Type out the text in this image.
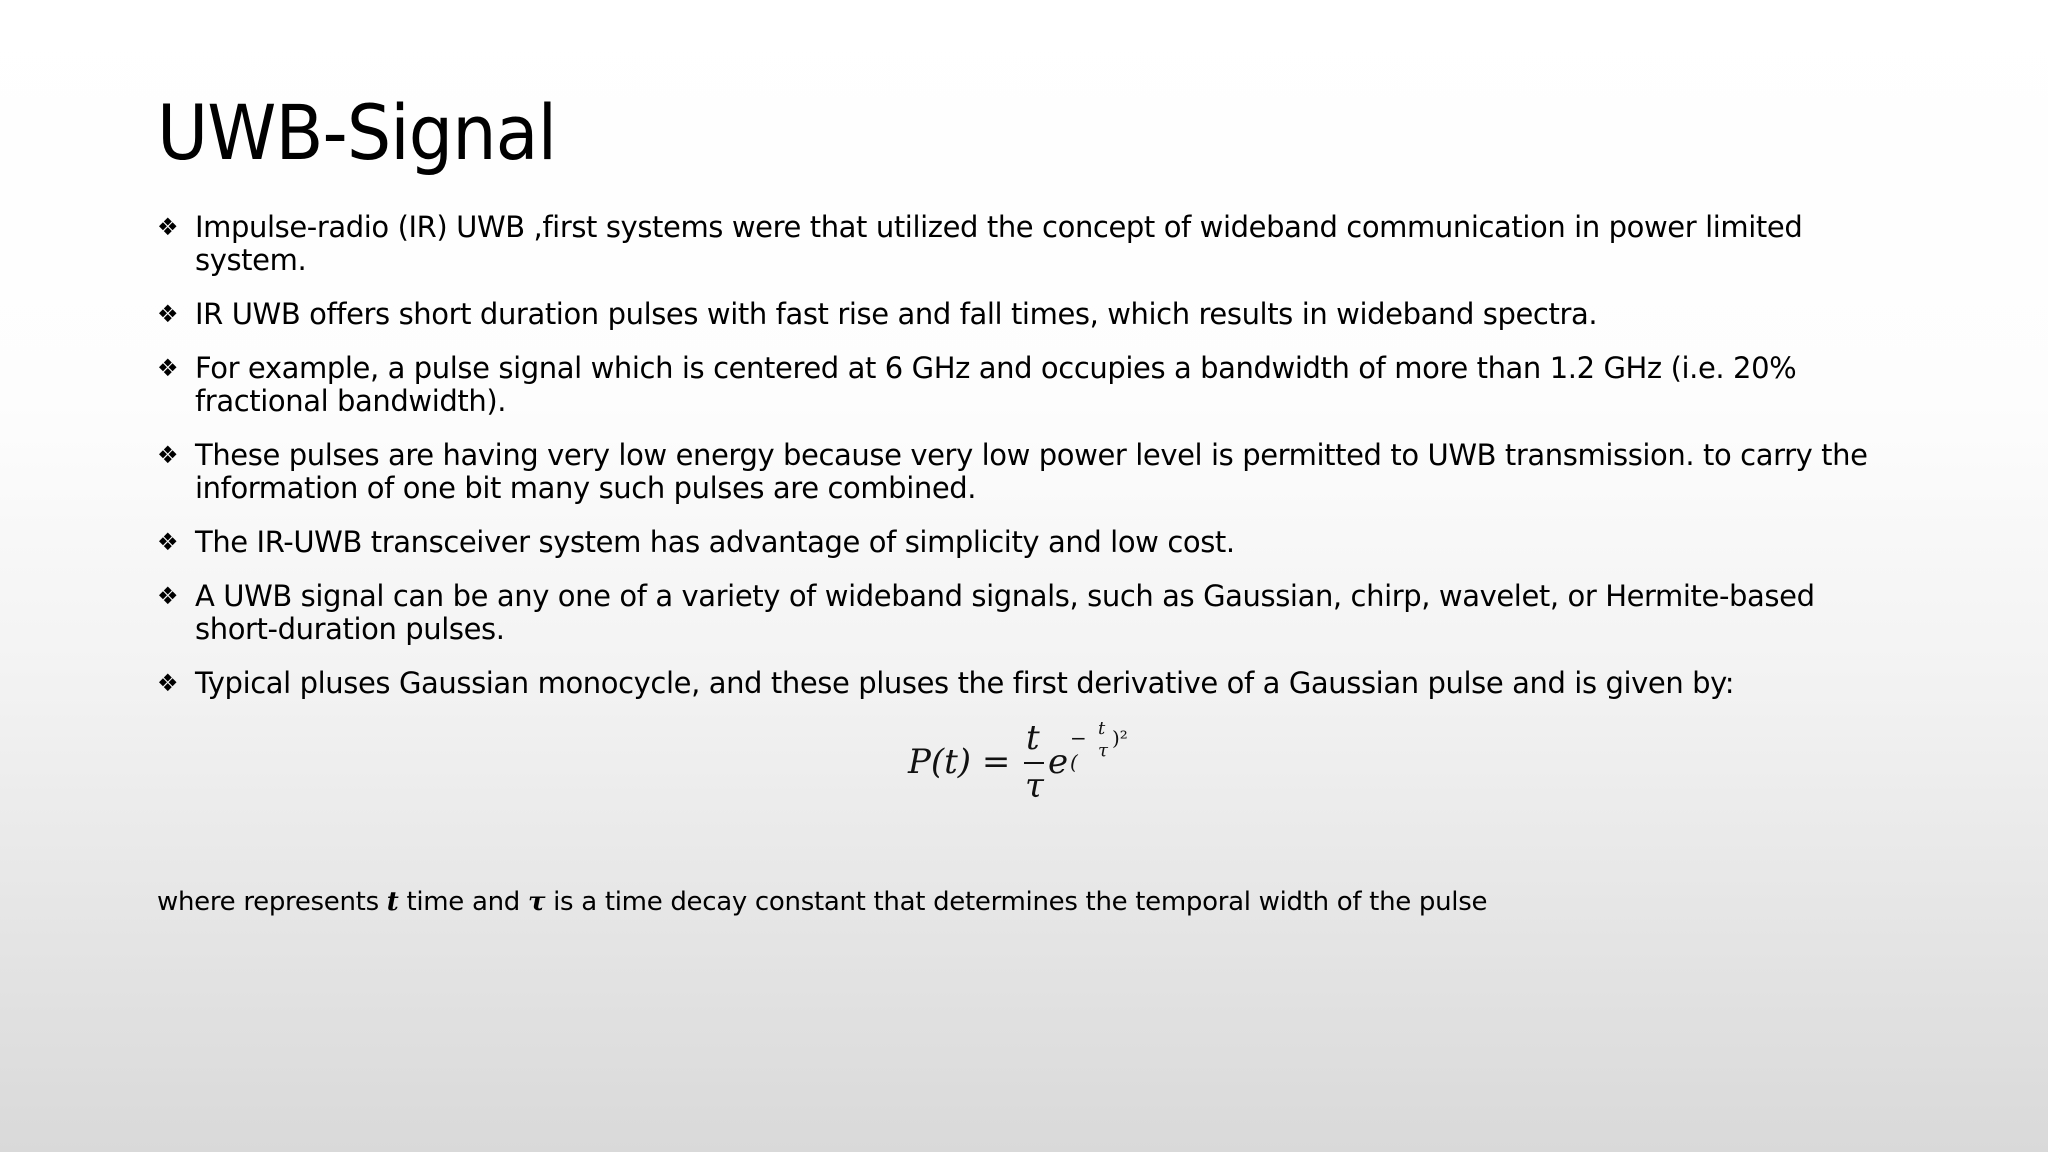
UWB-Signal
❖ Impulse-radio (IR) UWB ,first systems were that utilized the concept of wideband communication in power limited system.
❖ IR UWB offers short duration pulses with fast rise and fall times, which results in wideband spectra.
❖ For example, a pulse signal which is centered at 6 GHz and occupies a bandwidth of more than 1.2 GHz (i.e. 20% fractional bandwidth).
❖ These pulses are having very low energy because very low power level is permitted to UWB transmission. to carry the information of one bit many such pulses are combined.
❖ The IR-UWB transceiver system has advantage of simplicity and low cost.
❖ A UWB signal can be any one of a variety of wideband signals, such as Gaussian, chirp, wavelet, or Hermite-based short-duration pulses.
❖ Typical pluses Gaussian monocycle, and these pluses the first derivative of a Gaussian pulse and is given by:
P(t) =
t
τ
e
−(
t
τ
)²
where represents t time and τ is a time decay constant that determines the temporal width of the pulse
